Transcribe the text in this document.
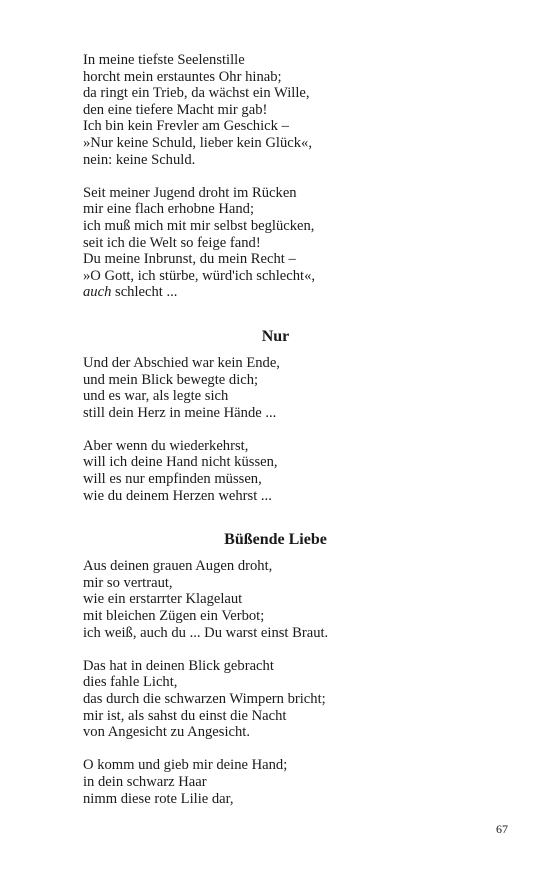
In meine tiefste Seelenstille
horcht mein erstauntes Ohr hinab;
da ringt ein Trieb, da wächst ein Wille,
den eine tiefere Macht mir gab!
Ich bin kein Frevler am Geschick –
»Nur keine Schuld, lieber kein Glück«,
nein: keine Schuld.
Seit meiner Jugend droht im Rücken
mir eine flach erhobne Hand;
ich muß mich mit mir selbst beglücken,
seit ich die Welt so feige fand!
Du meine Inbrunst, du mein Recht –
»O Gott, ich stürbe, würd'ich schlecht«,
auch schlecht ...
Nur
Und der Abschied war kein Ende,
und mein Blick bewegte dich;
und es war, als legte sich
still dein Herz in meine Hände ...
Aber wenn du wiederkehrst,
will ich deine Hand nicht küssen,
will es nur empfinden müssen,
wie du deinem Herzen wehrst ...
Büßende Liebe
Aus deinen grauen Augen droht,
mir so vertraut,
wie ein erstarrter Klagelaut
mit bleichen Zügen ein Verbot;
ich weiß, auch du ... Du warst einst Braut.
Das hat in deinen Blick gebracht
dies fahle Licht,
das durch die schwarzen Wimpern bricht;
mir ist, als sahst du einst die Nacht
von Angesicht zu Angesicht.
O komm und gieb mir deine Hand;
in dein schwarz Haar
nimm diese rote Lilie dar,
67
